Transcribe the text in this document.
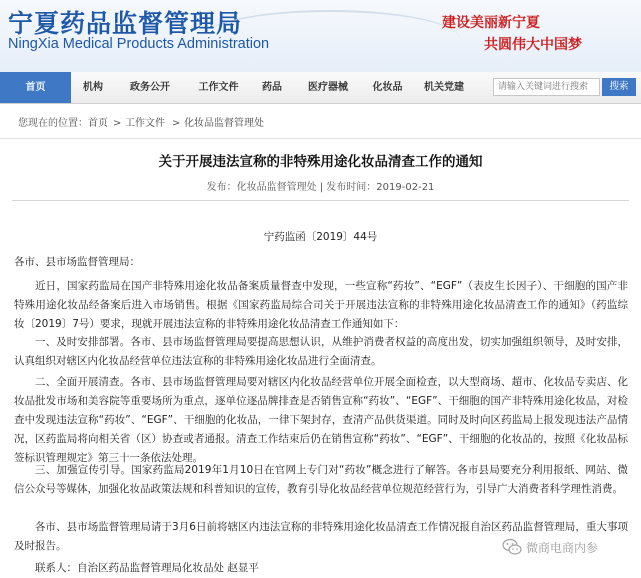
宁夏药品监督管理局
NingXia Medical Products Administration
建设美丽新宁夏
共圆伟大中国梦
首页	机构	政务公开	工作文件	药品	医疗器械	化妆品	机关党建
请输入关键词进行搜索	搜索
您现在的位置： 首页 > 工作文件 > 化妆品监督管理处
关于开展违法宣称的非特殊用途化妆品清查工作的通知
发布：化妆品监督管理处 | 发布时间：2019-02-21
宁药监函〔2019〕44号

各市、县市场监督管理局：

近日，国家药监局在国产非特殊用途化妆品备案质量督查中发现，一些宣称“药妆”、“EGF”（表皮生长因子）、干细胞的国产非特殊用途化妆品经备案后进入市场销售。根据《国家药监局综合司关于开展违法宣称的非特殊用途化妆品清查工作的通知》（药监综妆〔2019〕7号）要求，现就开展违法宣称的非特殊用途化妆品清查工作通知如下：

一、及时安排部署。各市、县市场监督管理局要提高思想认识，从维护消费者权益的高度出发，切实加强组织领导，及时安排，认真组织对辖区内化妆品经营单位违法宣称的非特殊用途化妆品进行全面清查。

二、全面开展清查。各市、县市场监督管理局要对辖区内化妆品经营单位开展全面检查，以大型商场、超市、化妆品专卖店、化妆品批发市场和美容院等重要场所为重点，逐单位逐品牌排查是否销售宣称“药妆”、“EGF”、干细胞的国产非特殊用途化妆品，对检查中发现违法宣称“药妆”、“EGF”、干细胞的化妆品，一律下架封存，查清产品供货渠道。同时及时向区药监局上报发现违法产品情况，区药监局将向相关省（区）协查或者通报。清查工作结束后仍在销售宣称“药妆”、“EGF”、干细胞的化妆品的，按照《化妆品标签标识管理规定》第三十一条依法处理。

三、加强宣传引导。国家药监局2019年1月10日在官网上专门对“药妆”概念进行了解答。各市县局要充分利用报纸、网站、微信公众号等媒体，加强化妆品政策法规和科普知识的宣传，教育引导化妆品经营单位规范经营行为，引导广大消费者科学理性消费。

各市、县市场监督管理局请于3月6日前将辖区内违法宣称的非特殊用途化妆品清查工作情况报自治区药品监督管理局，重大事项及时报告。

联系人：自治区药品监督管理局化妆品处 赵显平

微商电商内参
